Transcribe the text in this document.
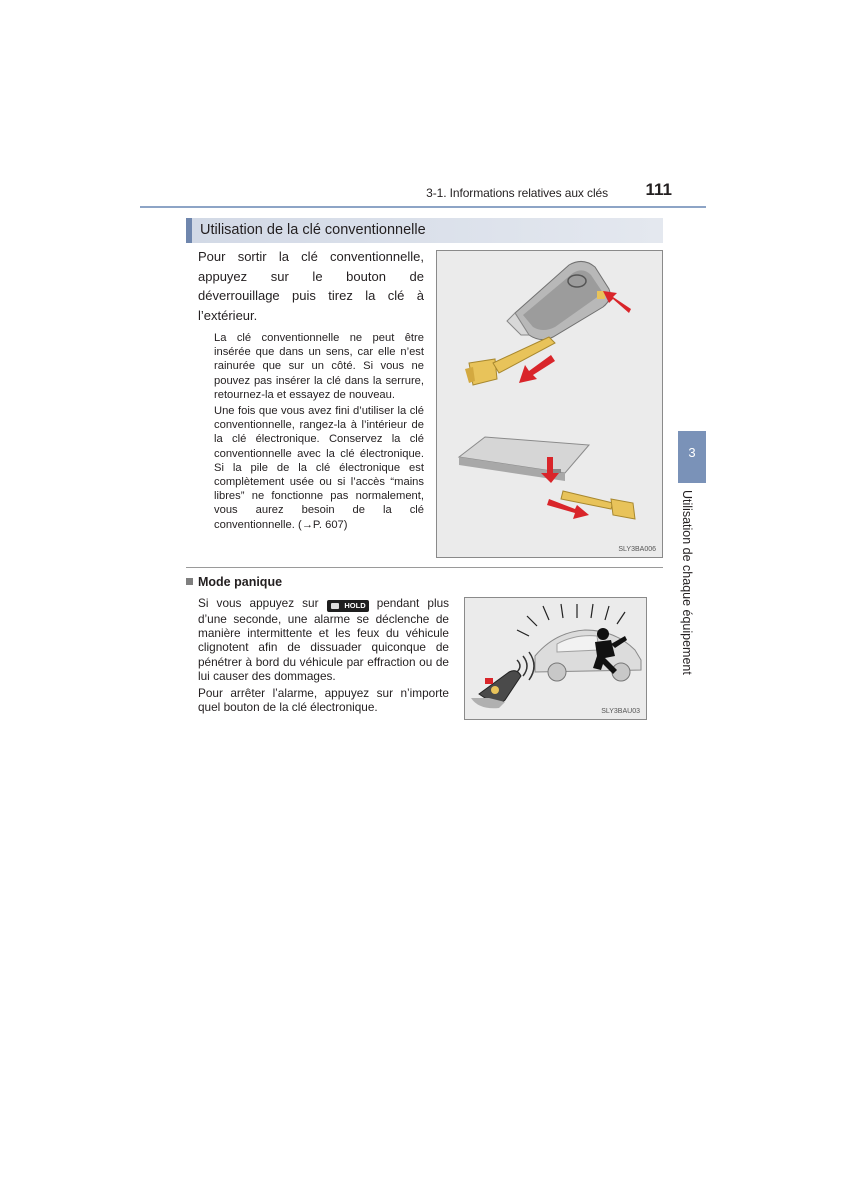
3-1. Informations relatives aux clés	111
Utilisation de la clé conventionnelle
Pour sortir la clé conventionnelle, appuyez sur le bouton de déverrouillage puis tirez la clé à l’extérieur.
La clé conventionnelle ne peut être insérée que dans un sens, car elle n’est rainurée que sur un côté. Si vous ne pouvez pas insérer la clé dans la serrure, retournez-la et essayez de nouveau.
Une fois que vous avez fini d’utiliser la clé conventionnelle, rangez-la à l’intérieur de la clé électronique. Conservez la clé conventionnelle avec la clé électronique. Si la pile de la clé électronique est complètement usée ou si l’accès “mains libres” ne fonctionne pas normalement, vous aurez besoin de la clé conventionnelle. (→P. 607)
SLY3BA006
Mode panique
Si vous appuyez sur	HOLD pendant plus d’une seconde, une alarme se déclenche de manière intermittente et les feux du véhicule clignotent afin de dissuader quiconque de pénétrer à bord du véhicule par effraction ou de lui causer des dommages.
Pour arrêter l’alarme, appuyez sur n’importe quel bouton de la clé électronique.	SLY3BAU03
3
Utilisation de chaque équipement
